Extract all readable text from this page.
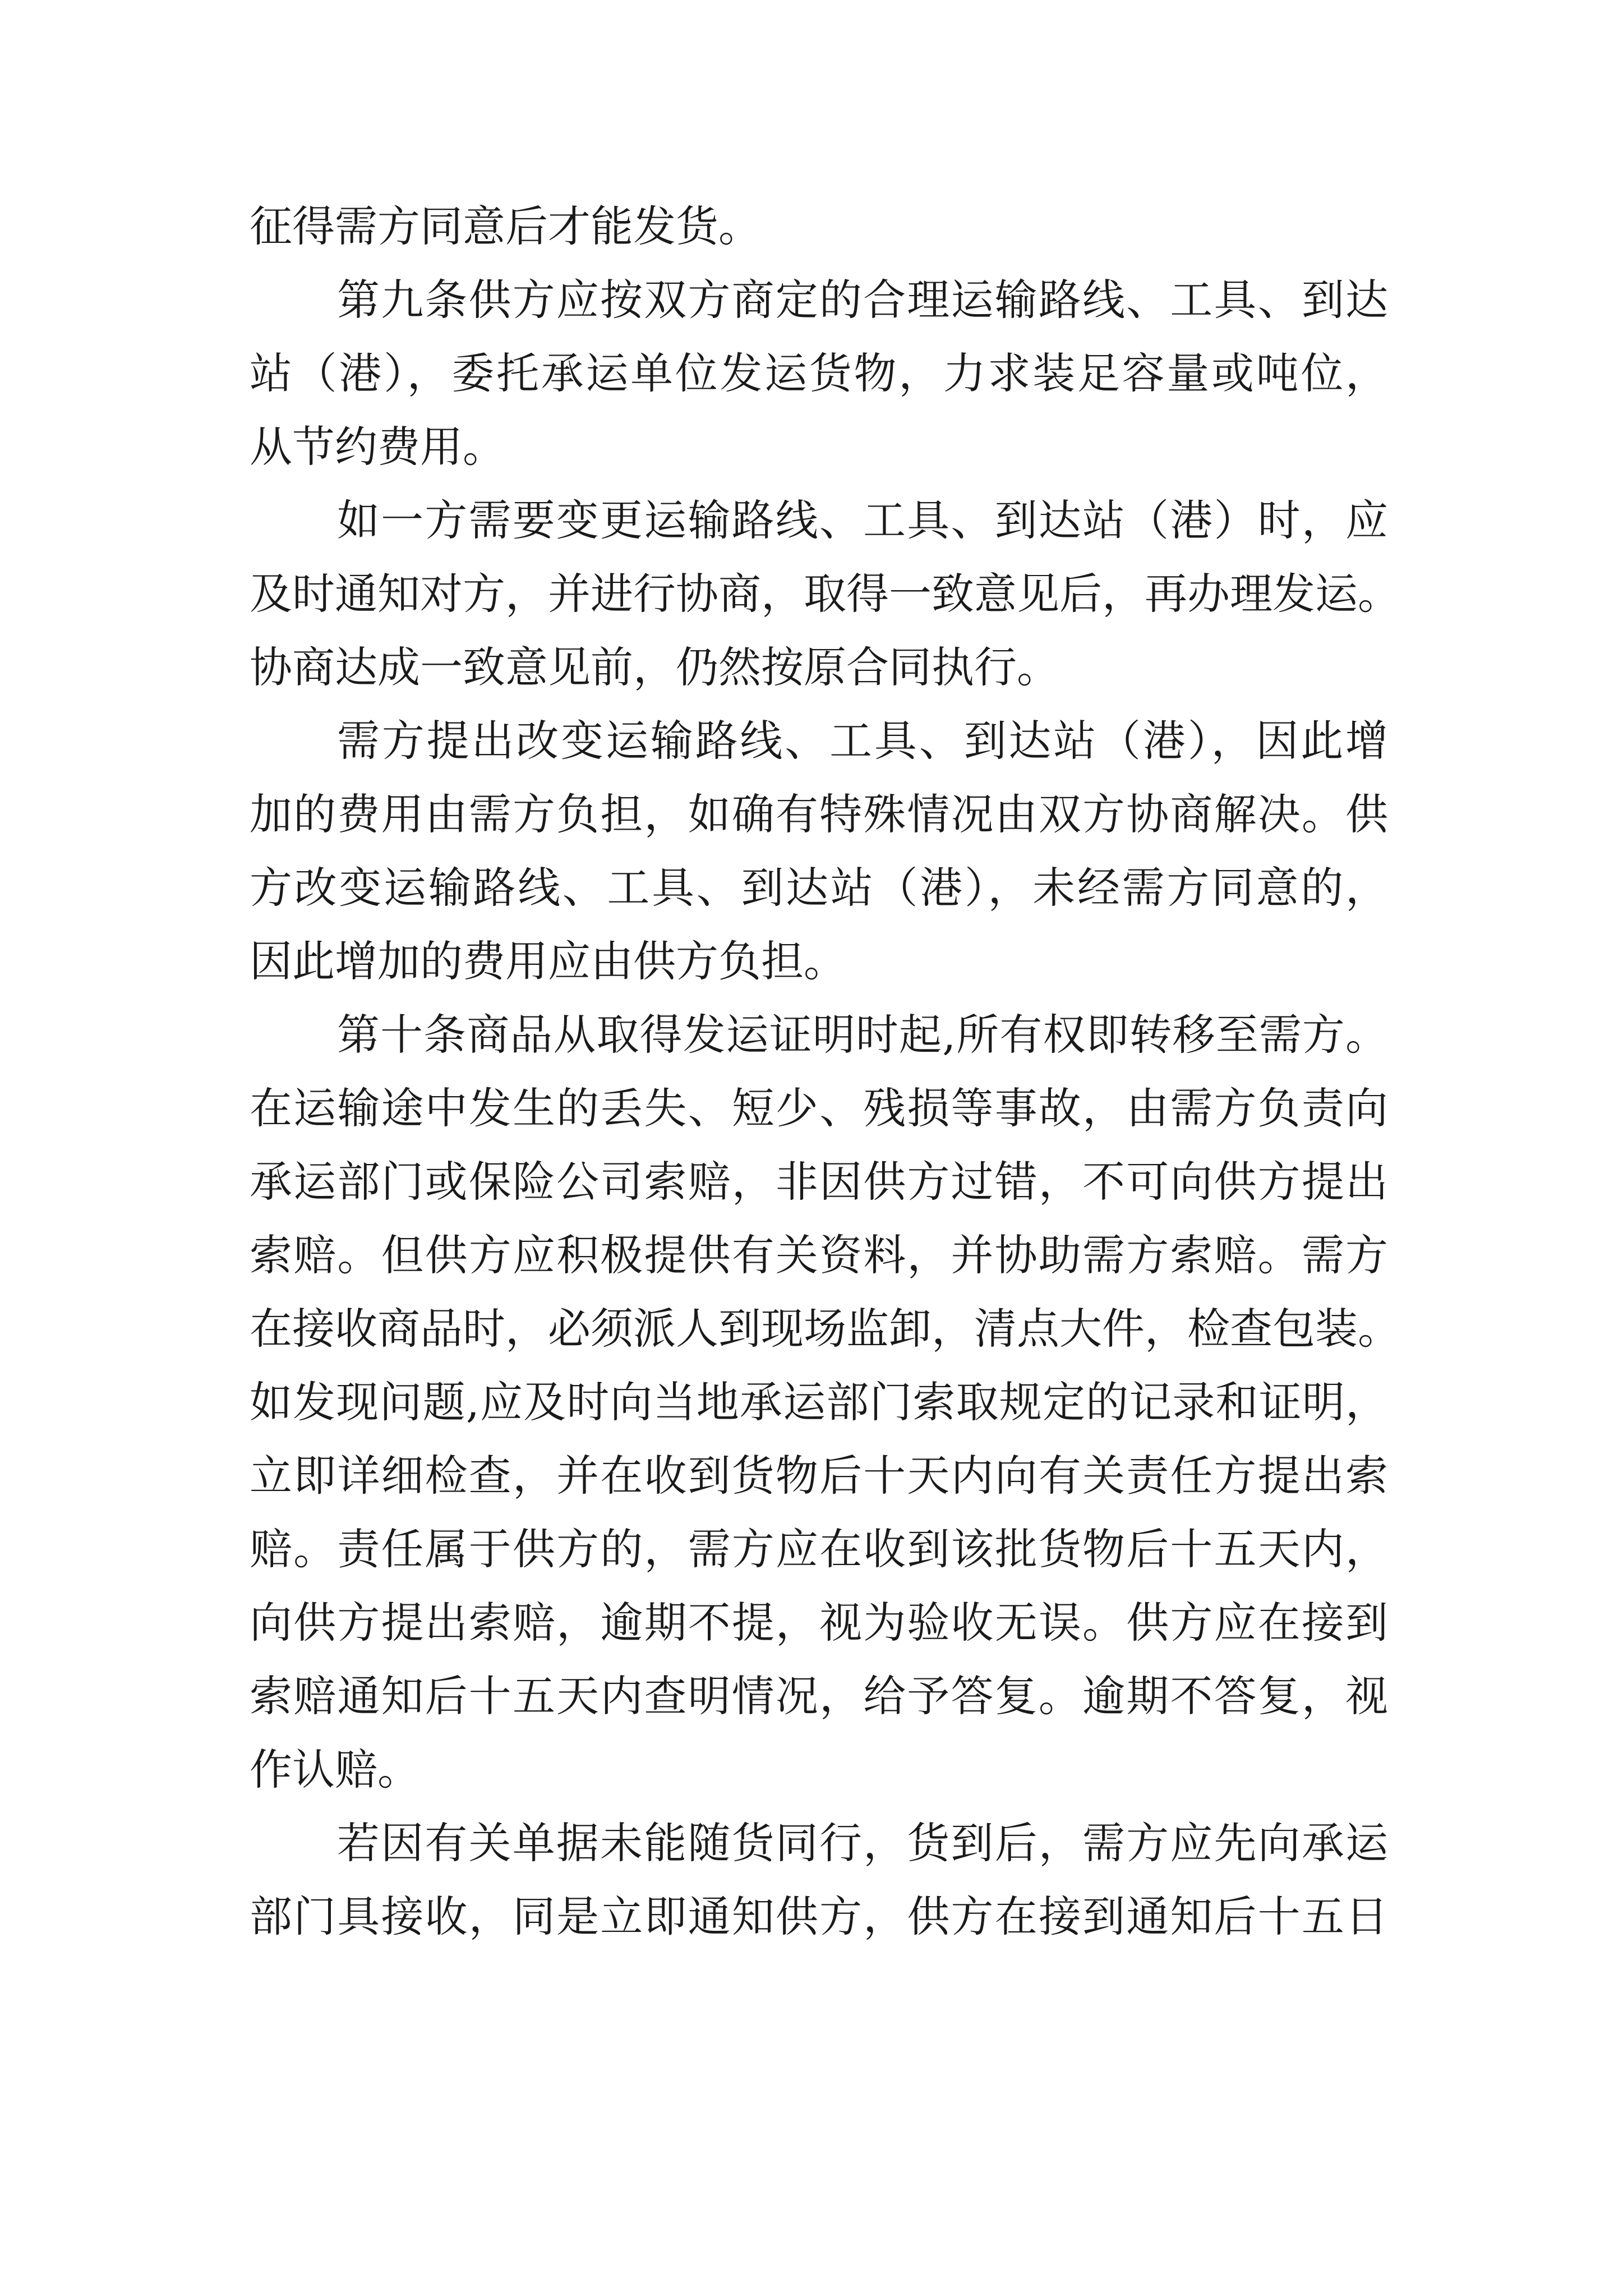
征得需方同意后才能发货。
第九条供方应按双方商定的合理运输路线、工具、到达
站（港），委托承运单位发运货物，力求装足容量或吨位，
从节约费用。
如一方需要变更运输路线、工具、到达站（港）时，应
及时通知对方，并进行协商，取得一致意见后，再办理发运。
协商达成一致意见前，仍然按原合同执行。
需方提出改变运输路线、工具、到达站（港），因此增
加的费用由需方负担，如确有特殊情况由双方协商解决。供
方改变运输路线、工具、到达站（港），未经需方同意的，
因此增加的费用应由供方负担。
第十条商品从取得发运证明时起,所有权即转移至需方。
在运输途中发生的丢失、短少、残损等事故，由需方负责向
承运部门或保险公司索赔，非因供方过错，不可向供方提出
索赔。但供方应积极提供有关资料，并协助需方索赔。需方
在接收商品时，必须派人到现场监卸，清点大件，检查包装。
如发现问题,应及时向当地承运部门索取规定的记录和证明，
立即详细检查，并在收到货物后十天内向有关责任方提出索
赔。责任属于供方的，需方应在收到该批货物后十五天内，
向供方提出索赔，逾期不提，视为验收无误。供方应在接到
索赔通知后十五天内查明情况，给予答复。逾期不答复，视
作认赔。
若因有关单据未能随货同行，货到后，需方应先向承运
部门具接收，同是立即通知供方，供方在接到通知后十五日
